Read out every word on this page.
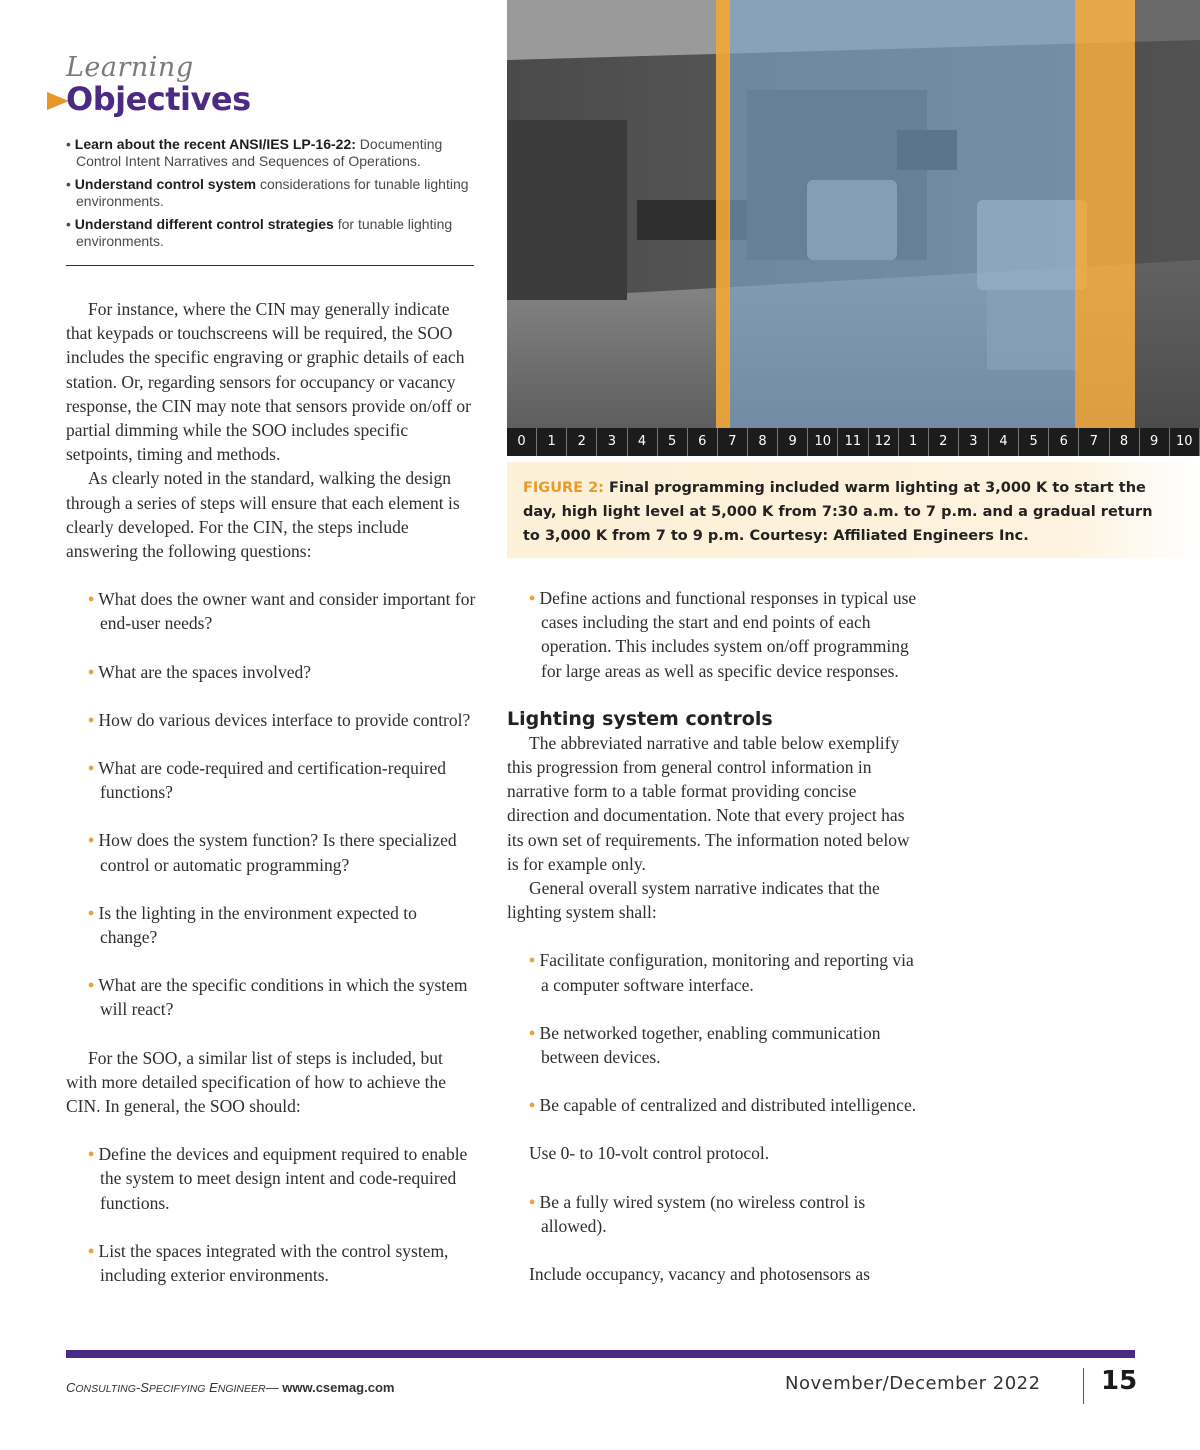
Learning
Objectives
• Learn about the recent ANSI/IES LP-16-22: Documenting Control Intent Narratives and Sequences of Operations.
• Understand control system considerations for tunable lighting environments.
• Understand different control strategies for tunable lighting environments.

For instance, where the CIN may generally indicate that keypads or touchscreens will be required, the SOO includes the specific engraving or graphic details of each station. Or, regarding sensors for occupancy or vacancy response, the CIN may note that sensors provide on/off or partial dimming while the SOO includes specific setpoints, timing and methods.

As clearly noted in the standard, walking the design through a series of steps will ensure that each element is clearly developed. For the CIN, the steps include answering the following questions:

• What does the owner want and consider important for end-user needs?

• What are the spaces involved?

• How do various devices interface to provide control?

• What are code-required and certification-required functions?

• How does the system function? Is there specialized control or automatic programming?

• Is the lighting in the environment expected to change?

• What are the specific conditions in which the system will react?

For the SOO, a similar list of steps is included, but with more detailed specification of how to achieve the CIN. In general, the SOO should:

• Define the devices and equipment required to enable the system to meet design intent and code-required functions.

• List the spaces integrated with the control system, including exterior environments.

0	1	2	3	4	5	6	7	8	9	10	11	12	1	2	3	4	5	6	7	8	9	10
FIGURE 2: Final programming included warm lighting at 3,000 K to start the day, high light level at 5,000 K from 7:30 a.m. to 7 p.m. and a gradual return to 3,000 K from 7 to 9 p.m. Courtesy: Affiliated Engineers Inc.

• Define actions and functional responses in typical use cases including the start and end points of each operation. This includes system on/off programming for large areas as well as specific device responses.

Lighting system controls

The abbreviated narrative and table below exemplify this progression from general control information in narrative form to a table format providing concise direction and documentation. Note that every project has its own set of requirements. The information noted below is for example only.

General overall system narrative indicates that the lighting system shall:

• Facilitate configuration, monitoring and reporting via a computer software interface.

• Be networked together, enabling communication between devices.

• Be capable of centralized and distributed intelligence.

Use 0- to 10-volt control protocol.

• Be a fully wired system (no wireless control is allowed).

Include occupancy, vacancy and photosensors as

CONSULTING-SPECIFYING ENGINEER— www.csemag.com	November/December 2022 15
